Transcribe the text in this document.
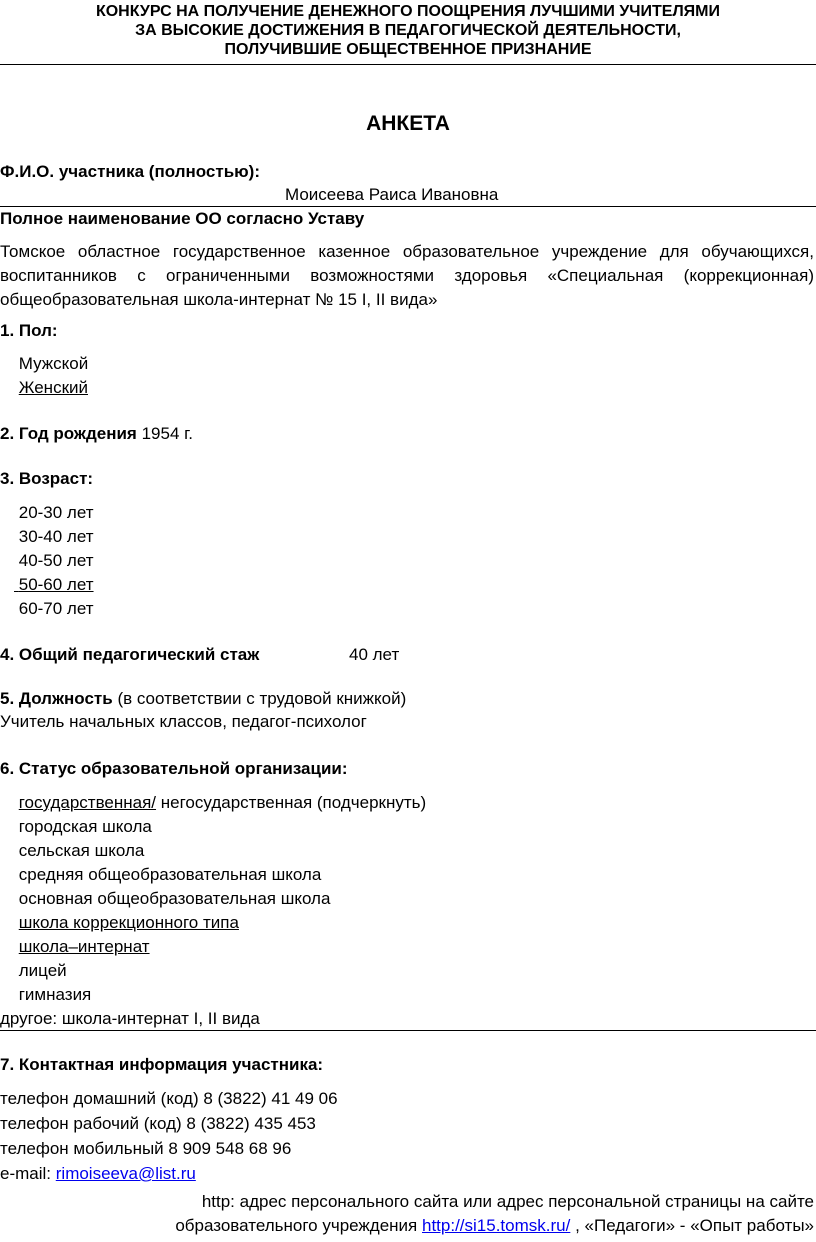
КОНКУРС НА ПОЛУЧЕНИЕ ДЕНЕЖНОГО ПООЩРЕНИЯ ЛУЧШИМИ УЧИТЕЛЯМИ
ЗА ВЫСОКИЕ ДОСТИЖЕНИЯ В ПЕДАГОГИЧЕСКОЙ ДЕЯТЕЛЬНОСТИ,
ПОЛУЧИВШИЕ ОБЩЕСТВЕННОЕ ПРИЗНАНИЕ
АНКЕТА
Ф.И.О. участника (полностью):
Моисеева Раиса Ивановна
Полное наименование ОО согласно Уставу
Томское областное государственное казенное образовательное учреждение для обучающихся, воспитанников с ограниченными возможностями здоровья «Специальная (коррекционная) общеобразовательная школа-интернат № 15 I, II вида»
1. Пол:
Мужской
Женский
2. Год рождения 1954 г.
3. Возраст:
20-30 лет
30-40 лет
40-50 лет
50-60 лет
60-70 лет
4. Общий педагогический стаж	40 лет
5. Должность (в соответствии с трудовой книжкой)
Учитель начальных классов, педагог-психолог
6. Статус образовательной организации:
государственная/ негосударственная (подчеркнуть)
городская школа
сельская школа
средняя общеобразовательная школа
основная общеобразовательная школа
школа коррекционного типа
школа–интернат
лицей
гимназия
другое: школа-интернат I, II вида
7. Контактная информация участника:
телефон домашний (код) 8 (3822) 41 49 06
телефон рабочий (код) 8 (3822) 435 453
телефон мобильный 8 909 548 68 96
e-mail: rimoiseeva@list.ru
http: адрес персонального сайта или адрес персональной страницы на сайте
образовательного учреждения http://si15.tomsk.ru/ , «Педагоги» - «Опыт работы»
